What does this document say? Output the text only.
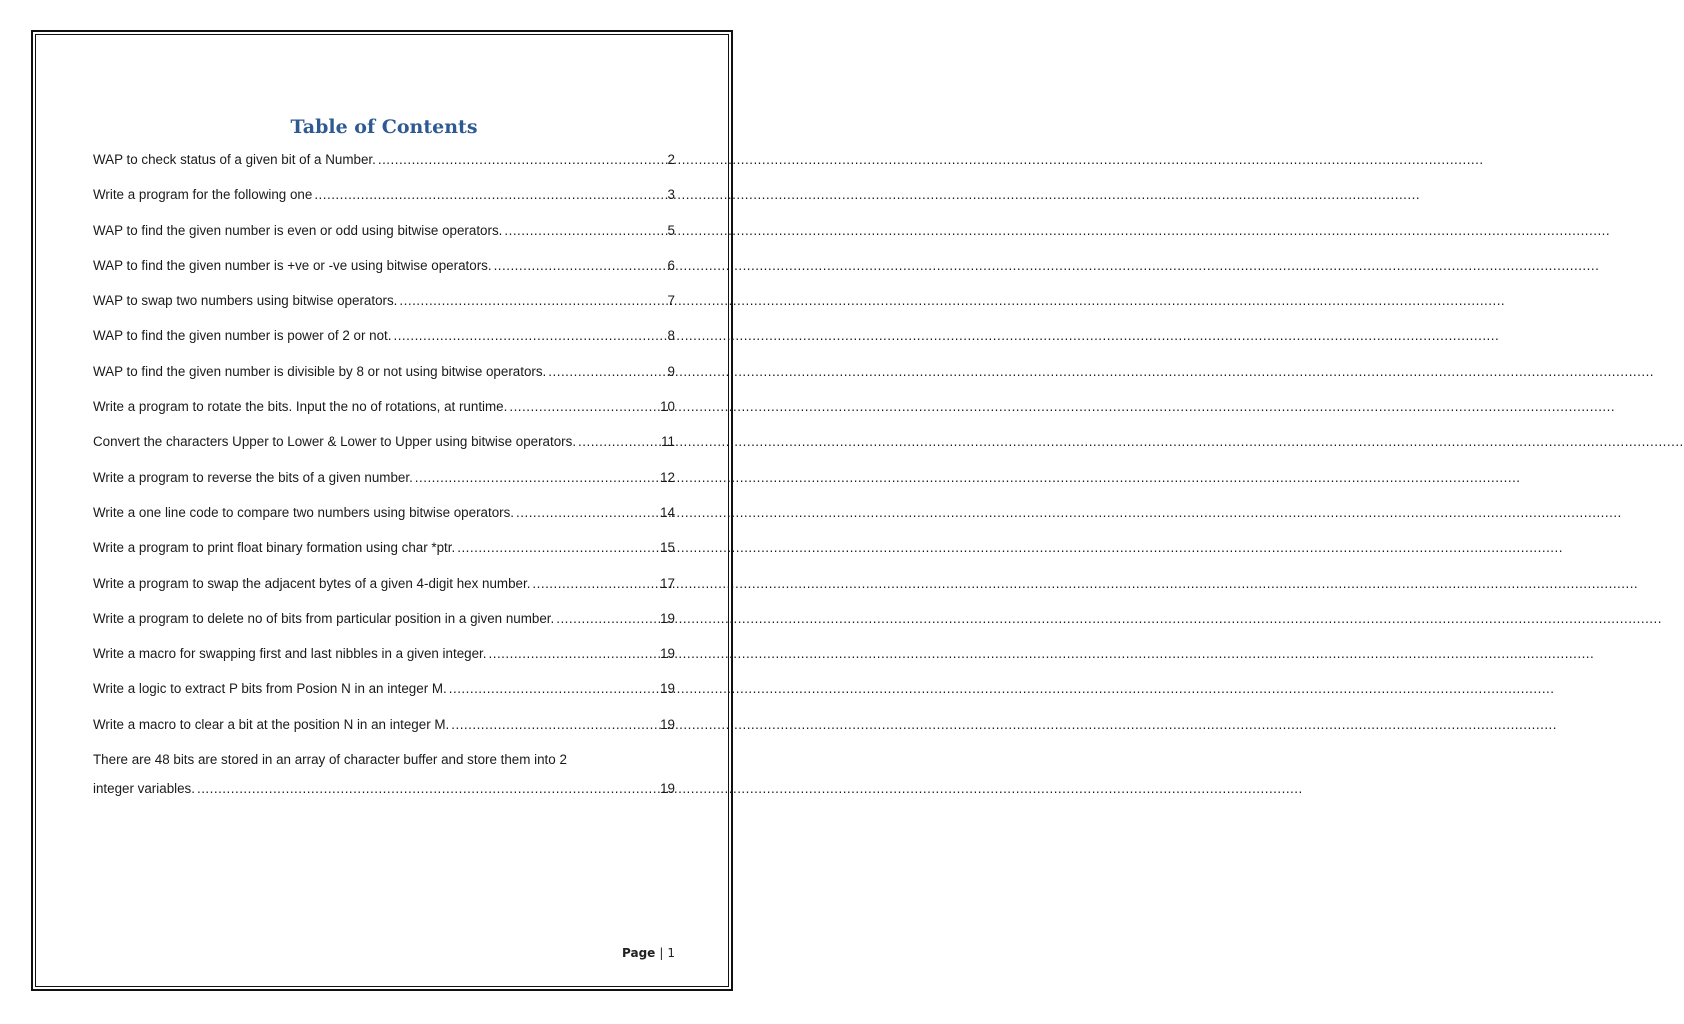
Table of Contents
WAP to check status of a given bit of a Number. .....	2
Write a program for the following one .....	3
WAP to find the given number is even or odd using bitwise operators. .....	5
WAP to find the given number is +ve or -ve using bitwise operators. .....	6
WAP to swap two numbers using bitwise operators. .....	7
WAP to find the given number is power of 2 or not. .....	8
WAP to find the given number is divisible by 8 or not using bitwise operators. .....	9
Write a program to rotate the bits. Input the no of rotations, at runtime. .....	10
Convert the characters Upper to Lower & Lower to Upper using bitwise operators. .....	11
Write a program to reverse the bits of a given number. .....	12
Write a one line code to compare two numbers using bitwise operators. .....	14
Write a program to print float binary formation using char *ptr. .....	15
Write a program to swap the adjacent bytes of a given 4-digit hex number. .....	17
Write a program to delete no of bits from particular position in a given number. .....	19
Write a macro for swapping first and last nibbles in a given integer. .....	19
Write a logic to extract P bits from Posion N in an integer M. .....	19
Write a macro to clear a bit at the position N in an integer M. .....	19
There are 48 bits are stored in an array of character buffer and store them into 2
integer variables. .....	19
Page | 1
